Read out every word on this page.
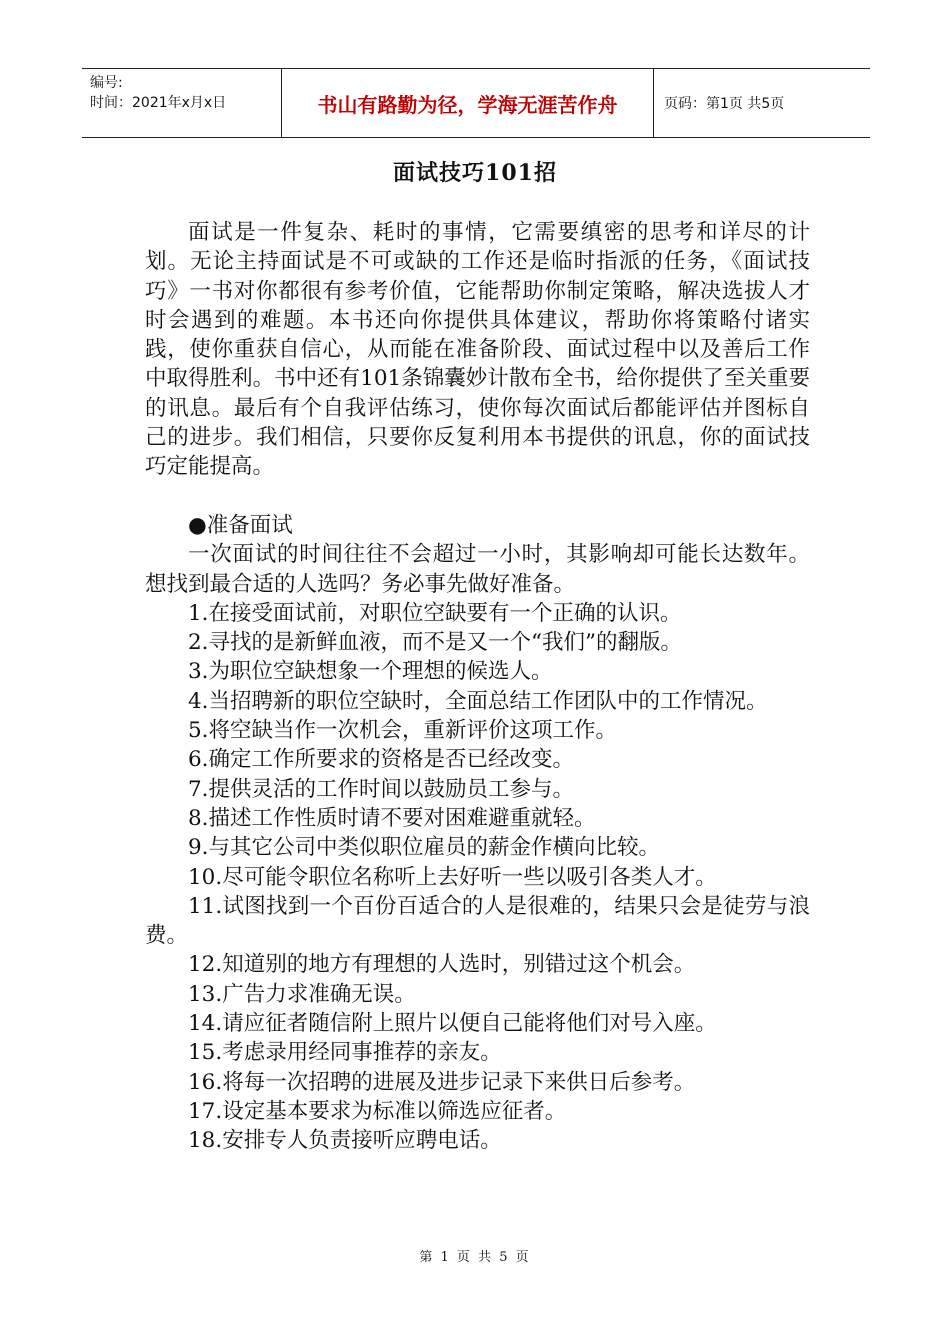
编号:
时间：2021年x月x日	书山有路勤为径，学海无涯苦作舟	页码：第1页 共5页
面试技巧101招

面试是一件复杂、耗时的事情，它需要缜密的思考和详尽的计划。无论主持面试是不可或缺的工作还是临时指派的任务，《面试技巧》一书对你都很有参考价值，它能帮助你制定策略，解决选拔人才时会遇到的难题。本书还向你提供具体建议，帮助你将策略付诸实践，使你重获自信心，从而能在准备阶段、面试过程中以及善后工作中取得胜利。书中还有101条锦囊妙计散布全书，给你提供了至关重要的讯息。最后有个自我评估练习，使你每次面试后都能评估并图标自己的进步。我们相信，只要你反复利用本书提供的讯息，你的面试技巧定能提高。

●准备面试

一次面试的时间往往不会超过一小时，其影响却可能长达数年。想找到最合适的人选吗？务必事先做好准备。

1.在接受面试前，对职位空缺要有一个正确的认识。

2.寻找的是新鲜血液，而不是又一个“我们”的翻版。

3.为职位空缺想象一个理想的候选人。

4.当招聘新的职位空缺时，全面总结工作团队中的工作情况。

5.将空缺当作一次机会，重新评价这项工作。

6.确定工作所要求的资格是否已经改变。

7.提供灵活的工作时间以鼓励员工参与。

8.描述工作性质时请不要对困难避重就轻。

9.与其它公司中类似职位雇员的薪金作横向比较。

10.尽可能令职位名称听上去好听一些以吸引各类人才。

11.试图找到一个百份百适合的人是很难的，结果只会是徒劳与浪费。

12.知道别的地方有理想的人选时，别错过这个机会。

13.广告力求准确无误。

14.请应征者随信附上照片以便自己能将他们对号入座。

15.考虑录用经同事推荐的亲友。

16.将每一次招聘的进展及进步记录下来供日后参考。

17.设定基本要求为标准以筛选应征者。

18.安排专人负责接听应聘电话。

第 1 页 共 5 页
